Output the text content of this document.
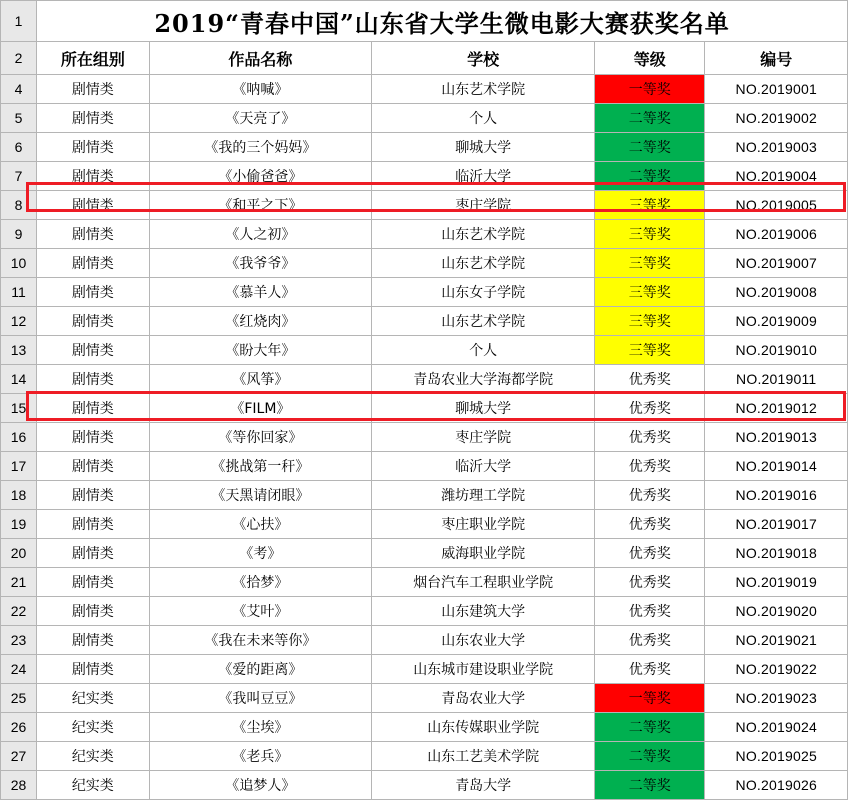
1	2019“青春中国”山东省大学生微电影大赛获奖名单				
2	所在组别	作品名称	学校	等级	编号
4	剧情类	《呐喊》	山东艺术学院	一等奖	NO.2019001
5	剧情类	《天亮了》	个人	二等奖	NO.2019002
6	剧情类	《我的三个妈妈》	聊城大学	二等奖	NO.2019003
7	剧情类	《小偷爸爸》	临沂大学	二等奖	NO.2019004
8	剧情类	《和平之下》	枣庄学院	三等奖	NO.2019005
9	剧情类	《人之初》	山东艺术学院	三等奖	NO.2019006
10	剧情类	《我爷爷》	山东艺术学院	三等奖	NO.2019007
11	剧情类	《慕羊人》	山东女子学院	三等奖	NO.2019008
12	剧情类	《红烧肉》	山东艺术学院	三等奖	NO.2019009
13	剧情类	《盼大年》	个人	三等奖	NO.2019010
14	剧情类	《风筝》	青岛农业大学海都学院	优秀奖	NO.2019011
15	剧情类	《FILM》	聊城大学	优秀奖	NO.2019012
16	剧情类	《等你回家》	枣庄学院	优秀奖	NO.2019013
17	剧情类	《挑战第一秆》	临沂大学	优秀奖	NO.2019014
18	剧情类	《天黑请闭眼》	潍坊理工学院	优秀奖	NO.2019016
19	剧情类	《心扶》	枣庄职业学院	优秀奖	NO.2019017
20	剧情类	《考》	威海职业学院	优秀奖	NO.2019018
21	剧情类	《拾梦》	烟台汽车工程职业学院	优秀奖	NO.2019019
22	剧情类	《艾叶》	山东建筑大学	优秀奖	NO.2019020
23	剧情类	《我在未来等你》	山东农业大学	优秀奖	NO.2019021
24	剧情类	《爱的距离》	山东城市建设职业学院	优秀奖	NO.2019022
25	纪实类	《我叫豆豆》	青岛农业大学	一等奖	NO.2019023
26	纪实类	《尘埃》	山东传媒职业学院	二等奖	NO.2019024
27	纪实类	《老兵》	山东工艺美术学院	二等奖	NO.2019025
28	纪实类	《追梦人》	青岛大学	二等奖	NO.2019026
